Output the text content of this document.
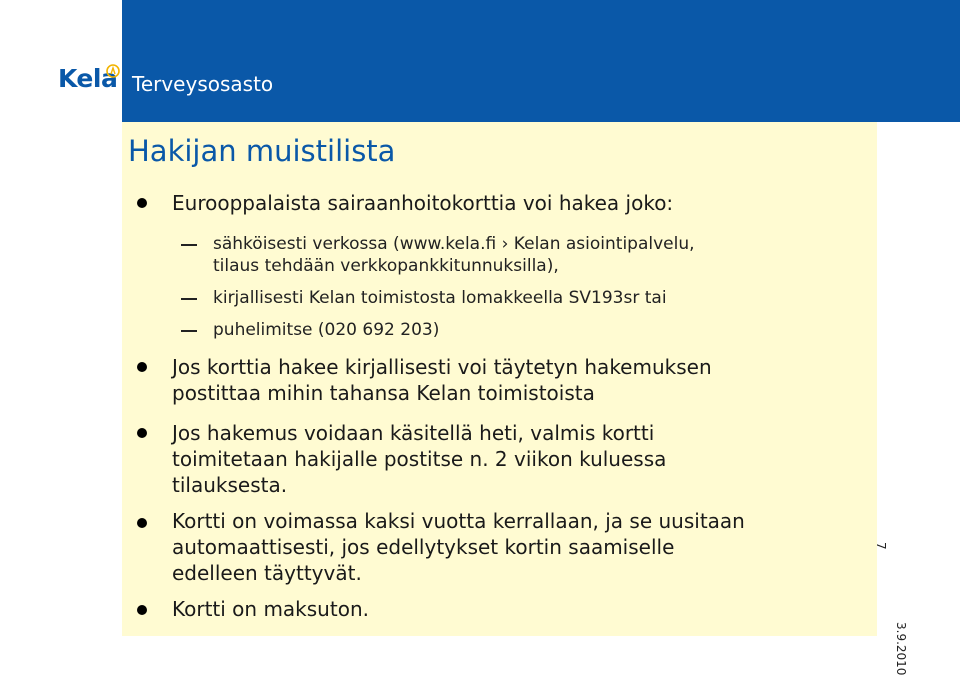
Kela Terveysosasto
Hakijan muistilista
Eurooppalaista sairaanhoitokorttia voi hakea joko:
sähköisesti verkossa (www.kela.fi › Kelan asiointipalvelu,
tilaus tehdään verkkopankkitunnuksilla),
kirjallisesti Kelan toimistosta lomakkeella SV193sr tai
puhelimitse (020 692 203)
Jos korttia hakee kirjallisesti voi täytetyn hakemuksen
postittaa mihin tahansa Kelan toimistoista
Jos hakemus voidaan käsitellä heti, valmis kortti
toimitetaan hakijalle postitse n. 2 viikon kuluessa
tilauksesta.
Kortti on voimassa kaksi vuotta kerrallaan, ja se uusitaan
automaattisesti, jos edellytykset kortin saamiselle
edelleen täyttyvät.
Kortti on maksuton.
7
3.9.2010
